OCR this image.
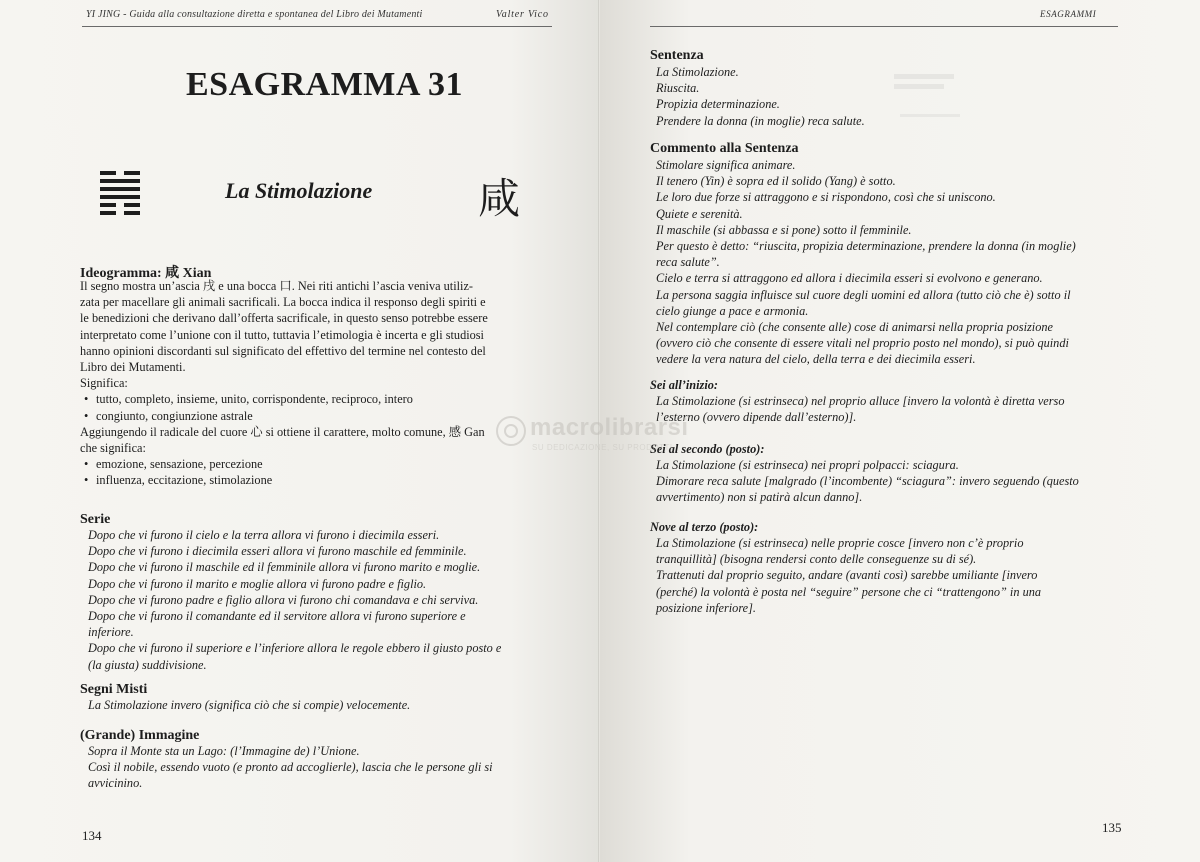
YI JING - Guida alla consultazione diretta e spontanea del Libro dei Mutamenti	Valter Vico
ESAGRAMMA 31
La Stimolazione	咸
Ideogramma: 咸 Xian

Il segno mostra un’ascia 戌 e una bocca 口. Nei riti antichi l’ascia veniva utiliz-

zata per macellare gli animali sacrificali. La bocca indica il responso degli spiriti e

le benedizioni che derivano dall’offerta sacrificale, in questo senso potrebbe essere

interpretato come l’unione con il tutto, tuttavia l’etimologia è incerta e gli studiosi

hanno opinioni discordanti sul significato del effettivo del termine nel contesto del

Libro dei Mutamenti.

Significa:

• tutto, completo, insieme, unito, corrispondente, reciproco, intero

• congiunto, congiunzione astrale

Aggiungendo il radicale del cuore 心 si ottiene il carattere, molto comune, 感 Gan

che significa:

• emozione, sensazione, percezione

• influenza, eccitazione, stimolazione

Serie

Dopo che vi furono il cielo e la terra allora vi furono i diecimila esseri.

Dopo che vi furono i diecimila esseri allora vi furono maschile ed femminile.

Dopo che vi furono il maschile ed il femminile allora vi furono marito e moglie.

Dopo che vi furono il marito e moglie allora vi furono padre e figlio.

Dopo che vi furono padre e figlio allora vi furono chi comandava e chi serviva.

Dopo che vi furono il comandante ed il servitore allora vi furono superiore e

inferiore.

Dopo che vi furono il superiore e l’inferiore allora le regole ebbero il giusto posto e

(la giusta) suddivisione.

Segni Misti

La Stimolazione invero (significa ciò che si compie) velocemente.

(Grande) Immagine

Sopra il Monte sta un Lago: (l’Immagine de) l’Unione.

Così il nobile, essendo vuoto (e pronto ad accoglierle), lascia che le persone gli si

avvicinino.

134
ESAGRAMMI
Sentenza

La Stimolazione.

Riuscita.

Propizia determinazione.

Prendere la donna (in moglie) reca salute.

Commento alla Sentenza

Stimolare significa animare.

Il tenero (Yin) è sopra ed il solido (Yang) è sotto.

Le loro due forze si attraggono e si rispondono, così che si uniscono.

Quiete e serenità.

Il maschile (si abbassa e si pone) sotto il femminile.

Per questo è detto: “riuscita, propizia determinazione, prendere la donna (in moglie)

reca salute”.

Cielo e terra si attraggono ed allora i diecimila esseri si evolvono e generano.

La persona saggia influisce sul cuore degli uomini ed allora (tutto ciò che è) sotto il

cielo giunge a pace e armonia.

Nel contemplare ciò (che consente alle) cose di animarsi nella propria posizione

(ovvero ciò che consente di essere vitali nel proprio posto nel mondo), si può quindi

vedere la vera natura del cielo, della terra e dei diecimila esseri.

Sei all’inizio:

La Stimolazione (si estrinseca) nel proprio alluce [invero la volontà è diretta verso

l’esterno (ovvero dipende dall’esterno)].

Sei al secondo (posto):

La Stimolazione (si estrinseca) nei propri polpacci: sciagura.

Dimorare reca salute [malgrado (l’incombente) “sciagura”: invero seguendo (questo

avvertimento) non si patirà alcun danno].

Nove al terzo (posto):

La Stimolazione (si estrinseca) nelle proprie cosce [invero non c’è proprio

tranquillità] (bisogna rendersi conto delle conseguenze su di sé).

Trattenuti dal proprio seguito, andare (avanti così) sarebbe umiliante [invero

(perché) la volontà è posta nel “seguire” persone che ci “trattengono” in una

posizione inferiore].

135
macrolibrarsi
SU DEDICAZIONE, SU PRODOTTI
